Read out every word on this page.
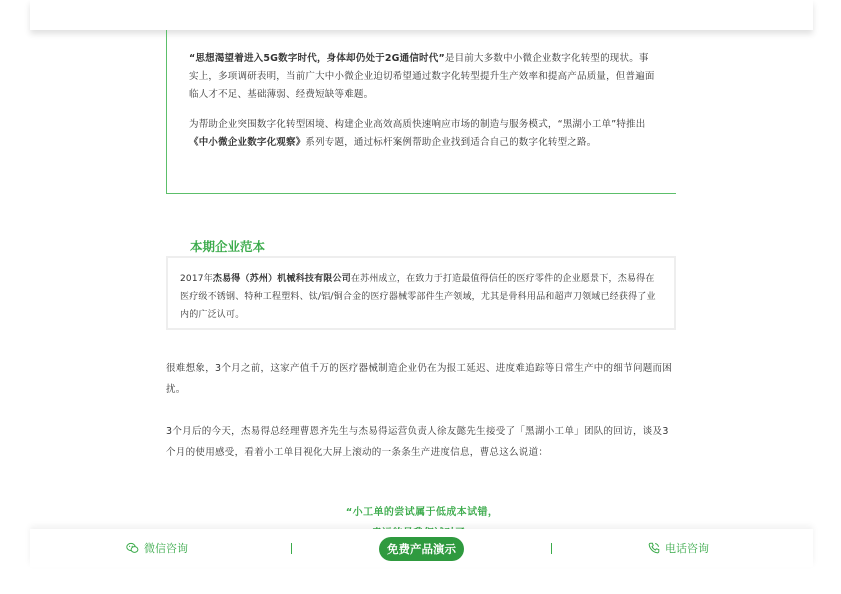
“思想渴望着进入5G数字时代，身体却仍处于2G通信时代”是目前大多数中小微企业数字化转型的现状。事实上，多项调研表明，当前广大中小微企业迫切希望通过数字化转型提升生产效率和提高产品质量，但普遍面临人才不足、基础薄弱、经费短缺等难题。

为帮助企业突围数字化转型困境、构建企业高效高质快速响应市场的制造与服务模式，“黑湖小工单”特推出《中小微企业数字化观察》系列专题，通过标杆案例帮助企业找到适合自己的数字化转型之路。

2017年杰易得（苏州）机械科技有限公司在苏州成立，在致力于打造最值得信任的医疗零件的企业愿景下，杰易得在医疗级不锈钢、特种工程塑料、钛/铝/铜合金的医疗器械零部件生产领域，尤其是骨科用品和超声刀领域已经获得了业内的广泛认可。

本期企业范本

很难想象，3个月之前，这家产值千万的医疗器械制造企业仍在为报工延迟、进度难追踪等日常生产中的细节问题而困扰。

3个月后的今天，杰易得总经理曹恩齐先生与杰易得运营负责人徐友懿先生接受了「黑湖小工单」团队的回访，谈及3个月的使用感受，看着小工单目视化大屏上滚动的一条条生产进度信息，曹总这么说道：

“小工单的尝试属于低成本试错，
微信咨询	免费产品演示	电话咨询
